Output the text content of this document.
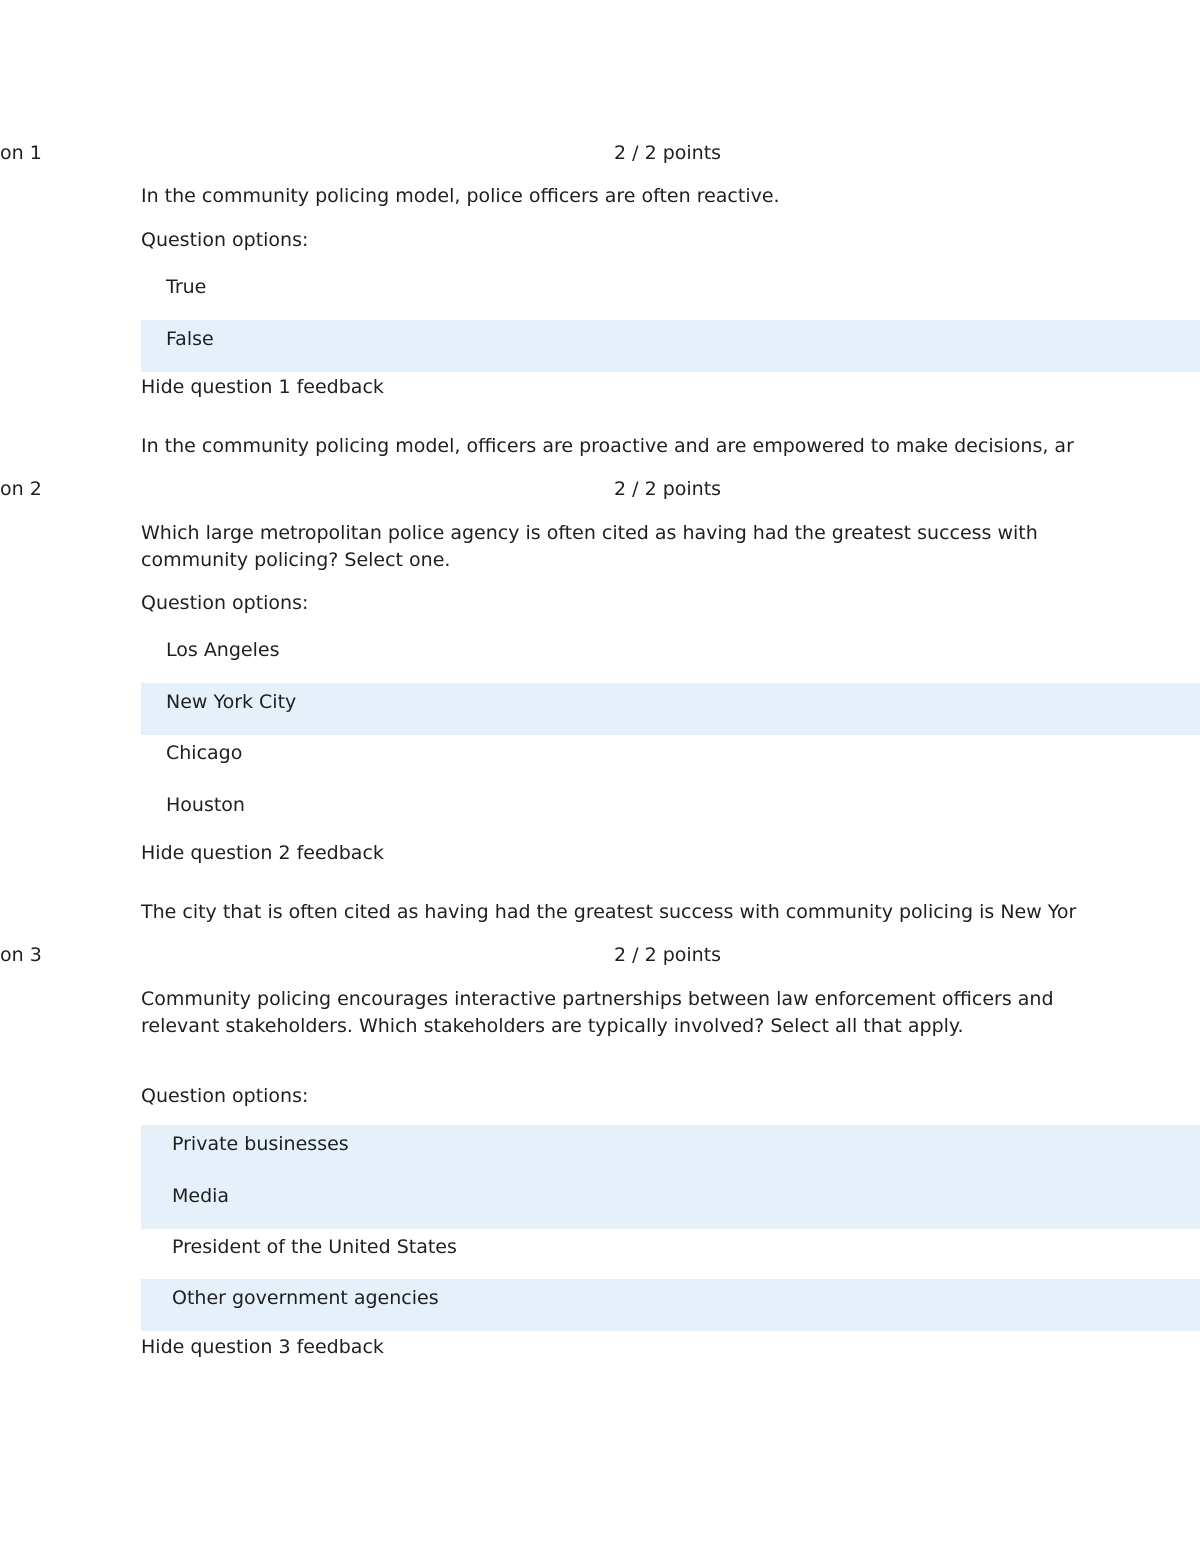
on 1	2 / 2 points
In the community policing model, police officers are often reactive.
Question options:
True
False
Hide question 1 feedback
In the community policing model, officers are proactive and are empowered to make decisions, ar
on 2	2 / 2 points
Which large metropolitan police agency is often cited as having had the greatest success with community policing? Select one.
Question options:
Los Angeles
New York City
Chicago
Houston
Hide question 2 feedback
The city that is often cited as having had the greatest success with community policing is New Yor
on 3	2 / 2 points
Community policing encourages interactive partnerships between law enforcement officers and relevant stakeholders. Which stakeholders are typically involved? Select all that apply.
Question options:
Private businesses
Media
President of the United States
Other government agencies
Hide question 3 feedback
